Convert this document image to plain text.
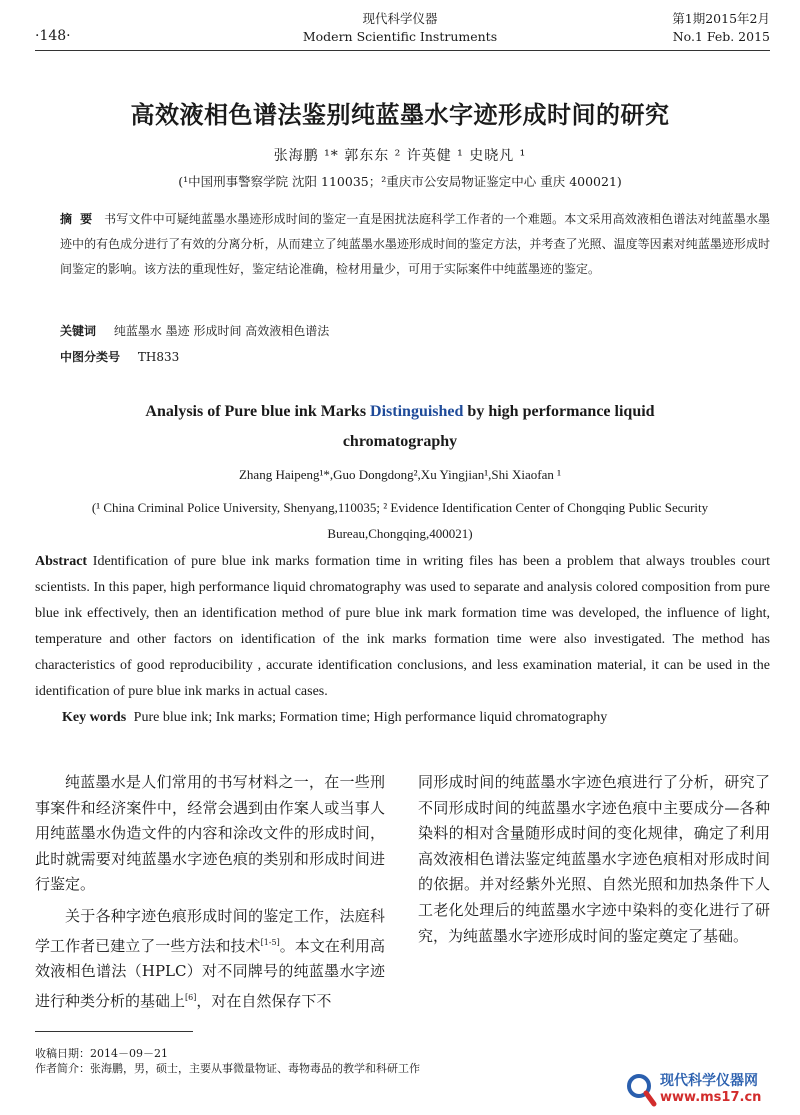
·148·
现代科学仪器
Modern Scientific Instruments
第1期2015年2月
No.1 Feb. 2015
高效液相色谱法鉴别纯蓝墨水字迹形成时间的研究
张海鹏 ¹* 郭东东 ² 许英健 ¹ 史晓凡 ¹
(¹中国刑事警察学院 沈阳 110035；²重庆市公安局物证鉴定中心 重庆 400021)
摘要 书写文件中可疑纯蓝墨水墨迹形成时间的鉴定一直是困扰法庭科学工作者的一个难题。本文采用高效液相色谱法对纯蓝墨水墨迹中的有色成分进行了有效的分离分析，从而建立了纯蓝墨水墨迹形成时间的鉴定方法，并考查了光照、温度等因素对纯蓝墨迹形成时间鉴定的影响。该方法的重现性好，鉴定结论准确，检材用量少，可用于实际案件中纯蓝墨迹的鉴定。
关键词 纯蓝墨水 墨迹 形成时间 高效液相色谱法
中图分类号 TH833
Analysis of Pure blue ink Marks Distinguished by high performance liquid chromatography
Zhang Haipeng¹*,Guo Dongdong²,Xu Yingjian¹,Shi Xiaofan ¹
(¹ China Criminal Police University, Shenyang,110035; ² Evidence Identification Center of Chongqing Public Security Bureau,Chongqing,400021)
Abstract Identification of pure blue ink marks formation time in writing files has been a problem that always troubles court scientists. In this paper, high performance liquid chromatography was used to separate and analysis colored composition from pure blue ink effectively, then an identification method of pure blue ink mark formation time was developed, the influence of light, temperature and other factors on identification of the ink marks formation time were also investigated. The method has characteristics of good reproducibility , accurate identification conclusions, and less examination material, it can be used in the identification of pure blue ink marks in actual cases.
Key words Pure blue ink; Ink marks; Formation time; High performance liquid chromatography

纯蓝墨水是人们常用的书写材料之一，在一些刑事案件和经济案件中，经常会遇到由作案人或当事人用纯蓝墨水伪造文件的内容和涂改文件的形成时间，此时就需要对纯蓝墨水字迹色痕的类别和形成时间进行鉴定。

关于各种字迹色痕形成时间的鉴定工作，法庭科学工作者已建立了一些方法和技术[1-5]。本文在利用高效液相色谱法（HPLC）对不同牌号的纯蓝墨水字迹进行种类分析的基础上[6]，对在自然保存下不

同形成时间的纯蓝墨水字迹色痕进行了分析，研究了不同形成时间的纯蓝墨水字迹色痕中主要成分—各种染料的相对含量随形成时间的变化规律，确定了利用高效液相色谱法鉴定纯蓝墨水字迹色痕相对形成时间的依据。并对经紫外光照、自然光照和加热条件下人工老化处理后的纯蓝墨水字迹中染料的变化进行了研究，为纯蓝墨水字迹形成时间的鉴定奠定了基础。

收稿日期：2014－09－21
作者简介：张海鹏，男，硕士，主要从事微量物证、毒物毒品的教学和科研工作
现代科学仪器网
www.ms17.cn
